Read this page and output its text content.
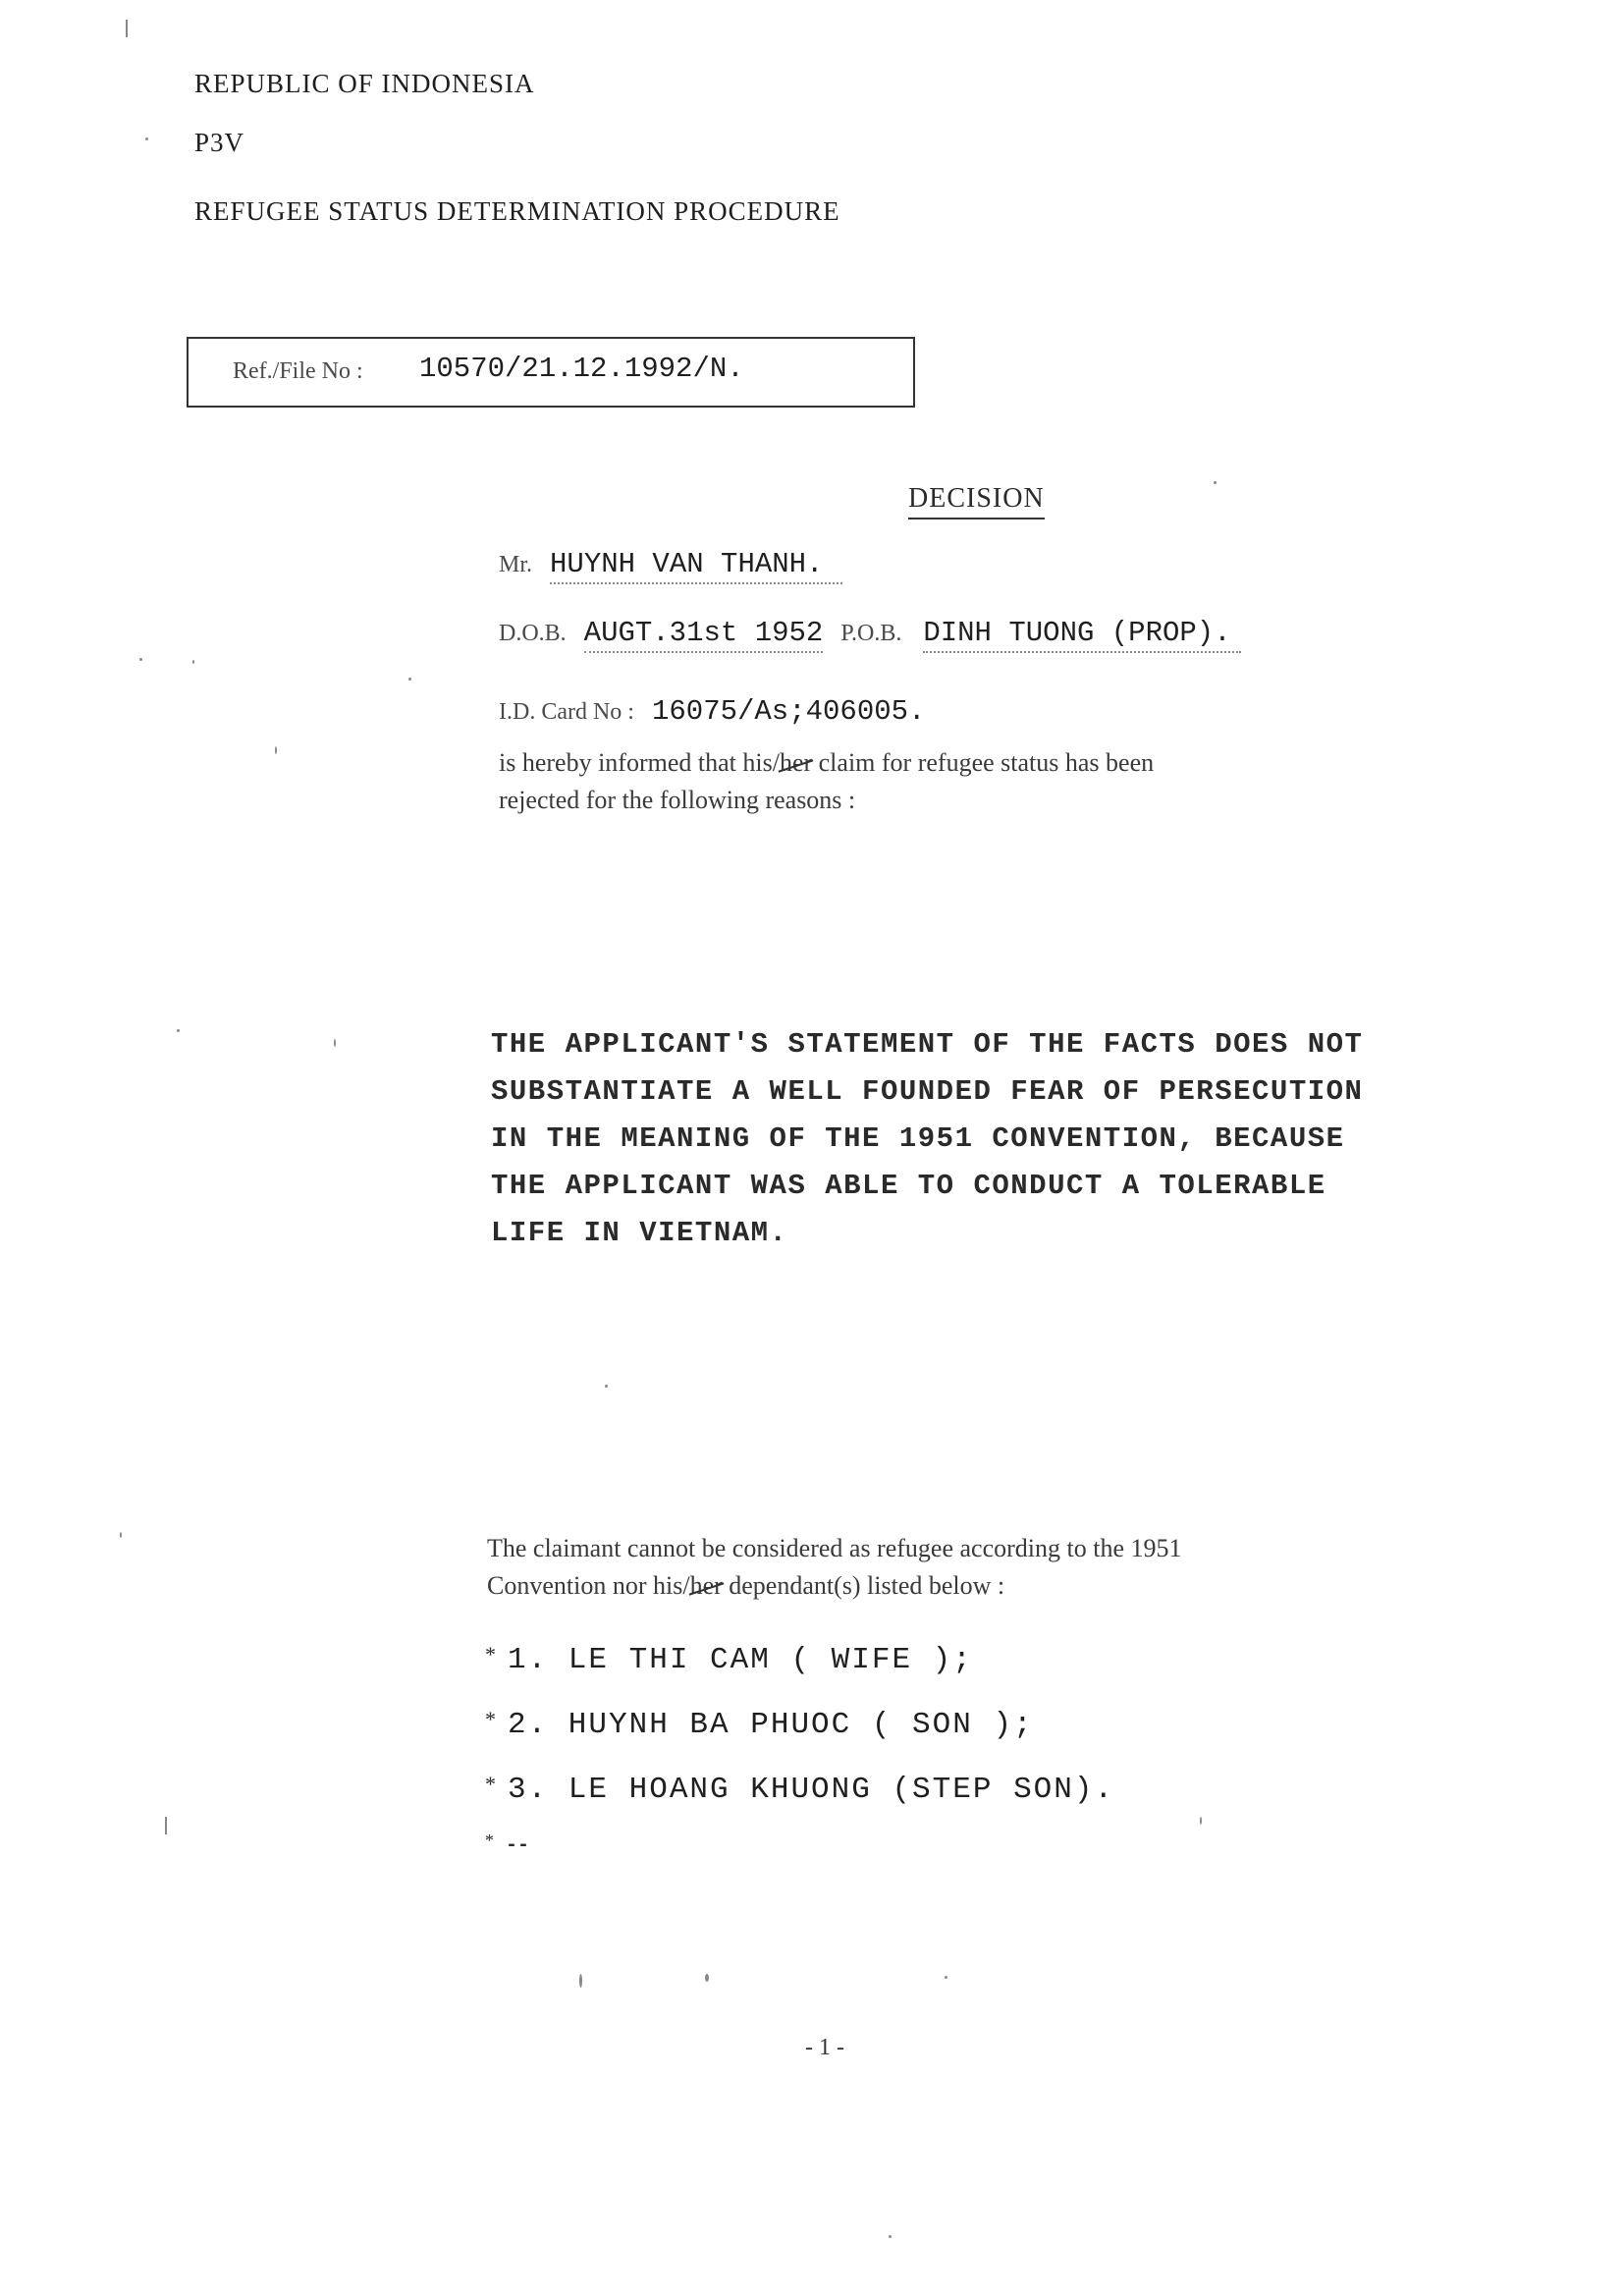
REPUBLIC OF INDONESIA
P3V
REFUGEE STATUS DETERMINATION PROCEDURE
Ref./File No : 10570/21.12.1992/N.
DECISION
Mr. HUYNH VAN THANH.
D.O.B. AUGT.31st 1952 P.O.B. DINH TUONG (PROP).
I.D. Card No : 16075/As;406005.
is hereby informed that his/her claim for refugee status has been
rejected for the following reasons :
THE APPLICANT'S STATEMENT OF THE FACTS DOES NOT
SUBSTANTIATE A WELL FOUNDED FEAR OF PERSECUTION
IN THE MEANING OF THE 1951 CONVENTION, BECAUSE
THE APPLICANT WAS ABLE TO CONDUCT A TOLERABLE
LIFE IN VIETNAM.
The claimant cannot be considered as refugee according to the 1951
Convention nor his/her dependant(s) listed below :
* 1. LE THI CAM ( WIFE );
* 2. HUYNH BA PHUOC ( SON );
* 3. LE HOANG KHUONG (STEP SON).
* --
- 1 -
